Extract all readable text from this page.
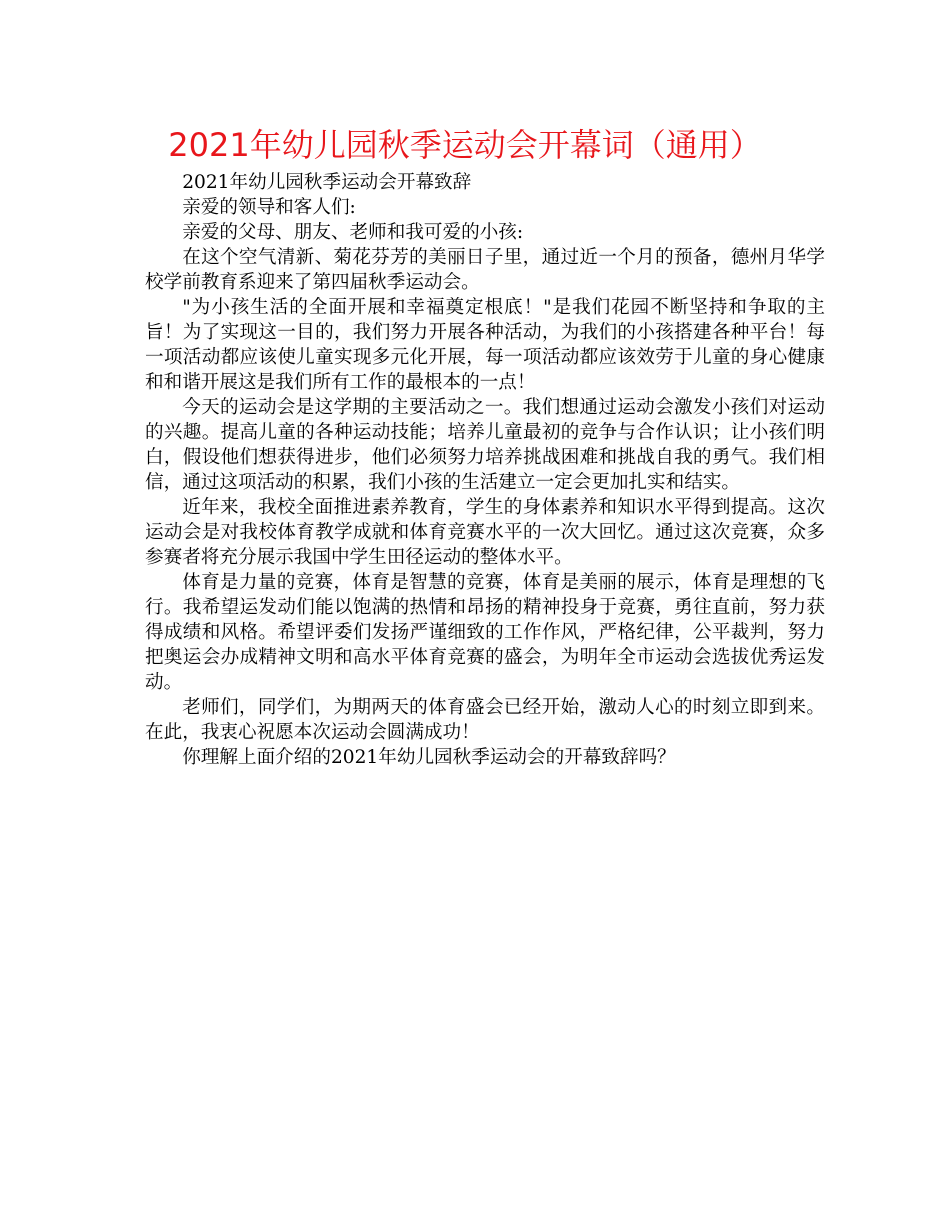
2021年幼儿园秋季运动会开幕词（通用）

2021年幼儿园秋季运动会开幕致辞

亲爱的领导和客人们:

亲爱的父母、朋友、老师和我可爱的小孩:

在这个空气清新、菊花芬芳的美丽日子里，通过近一个月的预备，德州月华学校学前教育系迎来了第四届秋季运动会。

"为小孩生活的全面开展和幸福奠定根底！"是我们花园不断坚持和争取的主旨！为了实现这一目的，我们努力开展各种活动，为我们的小孩搭建各种平台！每一项活动都应该使儿童实现多元化开展，每一项活动都应该效劳于儿童的身心健康和和谐开展这是我们所有工作的最根本的一点！

今天的运动会是这学期的主要活动之一。我们想通过运动会激发小孩们对运动的兴趣。提高儿童的各种运动技能；培养儿童最初的竞争与合作认识；让小孩们明白，假设他们想获得进步，他们必须努力培养挑战困难和挑战自我的勇气。我们相信，通过这项活动的积累，我们小孩的生活建立一定会更加扎实和结实。

近年来，我校全面推进素养教育，学生的身体素养和知识水平得到提高。这次运动会是对我校体育教学成就和体育竞赛水平的一次大回忆。通过这次竞赛，众多参赛者将充分展示我国中学生田径运动的整体水平。

体育是力量的竞赛，体育是智慧的竞赛，体育是美丽的展示，体育是理想的飞行。我希望运发动们能以饱满的热情和昂扬的精神投身于竞赛，勇往直前，努力获得成绩和风格。希望评委们发扬严谨细致的工作作风，严格纪律，公平裁判，努力把奥运会办成精神文明和高水平体育竞赛的盛会，为明年全市运动会选拔优秀运发动。

老师们，同学们，为期两天的体育盛会已经开始，激动人心的时刻立即到来。在此，我衷心祝愿本次运动会圆满成功！

你理解上面介绍的2021年幼儿园秋季运动会的开幕致辞吗？
